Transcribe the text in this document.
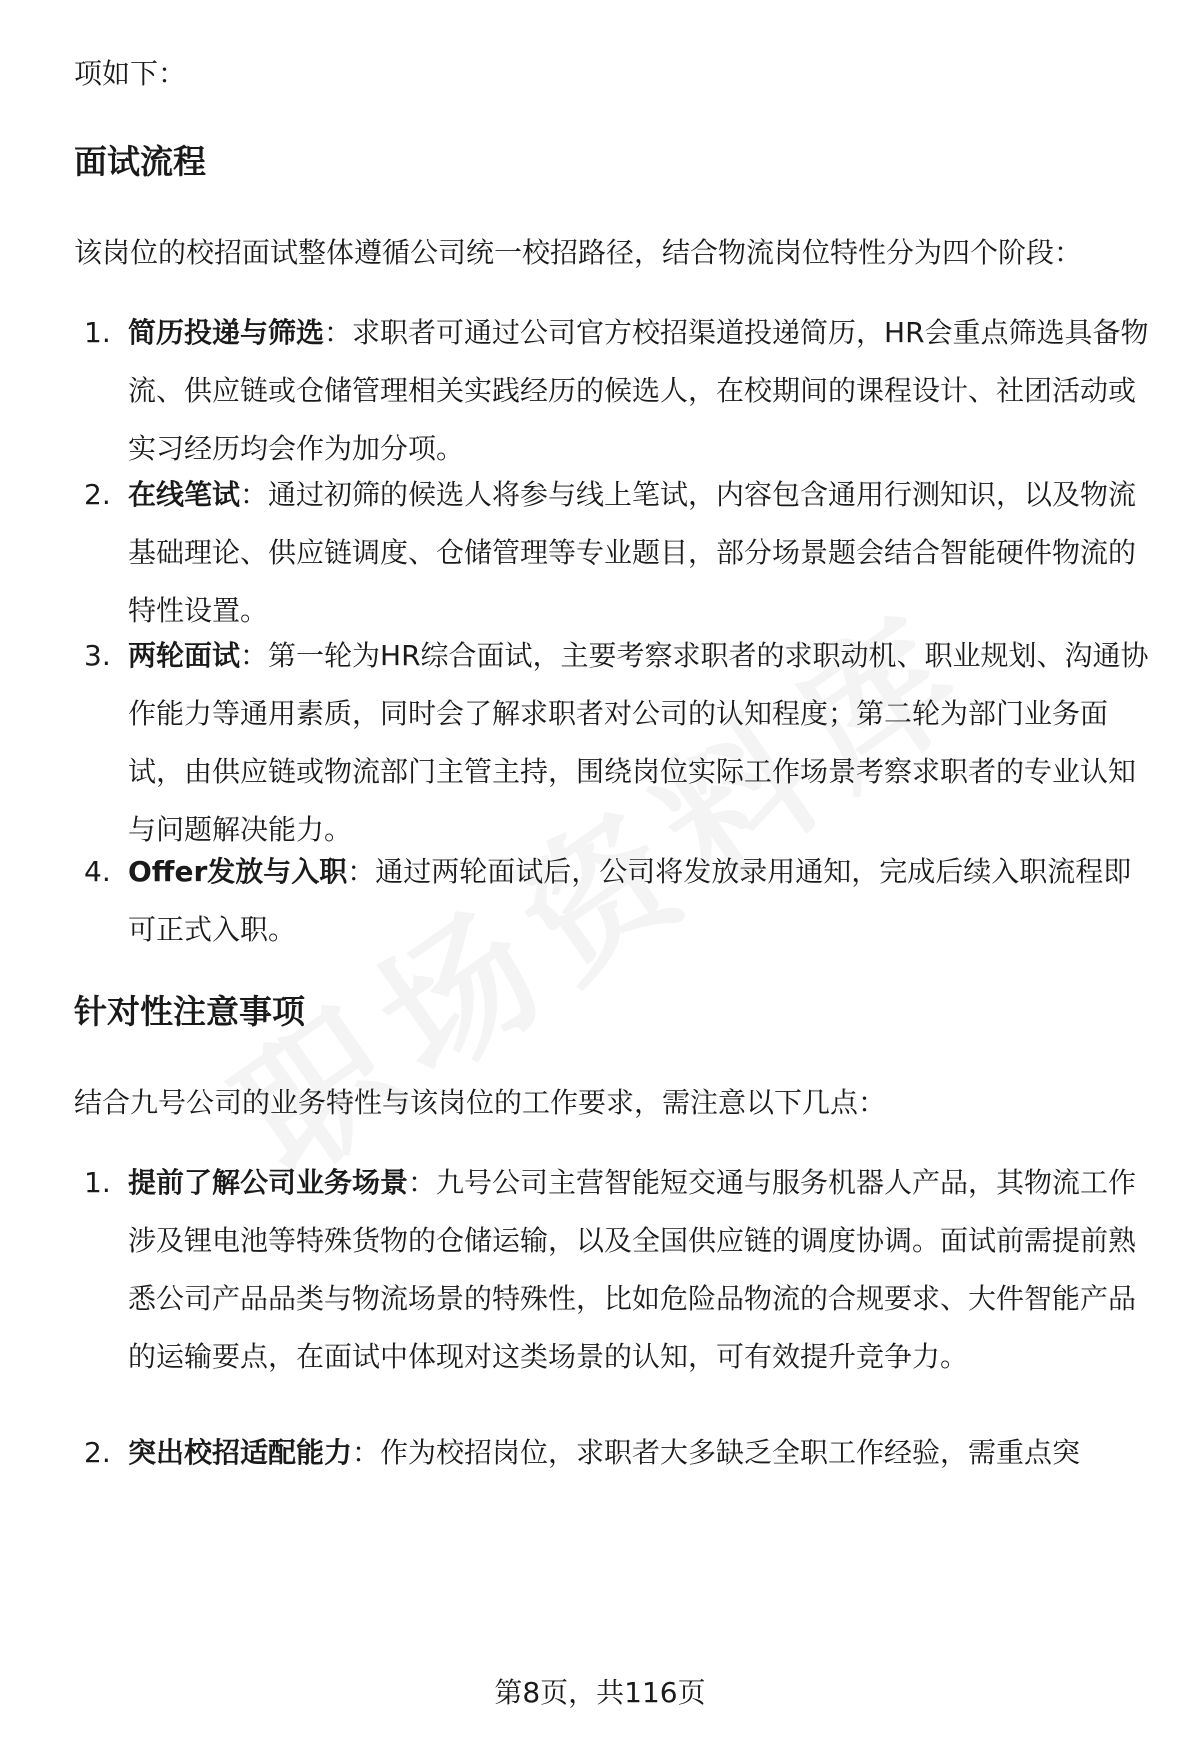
项如下：
面试流程
该岗位的校招面试整体遵循公司统一校招路径，结合物流岗位特性分为四个阶段：
1. 简历投递与筛选：求职者可通过公司官方校招渠道投递简历，HR会重点筛选具备物流、供应链或仓储管理相关实践经历的候选人，在校期间的课程设计、社团活动或实习经历均会作为加分项。
2. 在线笔试：通过初筛的候选人将参与线上笔试，内容包含通用行测知识，以及物流基础理论、供应链调度、仓储管理等专业题目，部分场景题会结合智能硬件物流的特性设置。
3. 两轮面试：第一轮为HR综合面试，主要考察求职者的求职动机、职业规划、沟通协作能力等通用素质，同时会了解求职者对公司的认知程度；第二轮为部门业务面试，由供应链或物流部门主管主持，围绕岗位实际工作场景考察求职者的专业认知与问题解决能力。
4. Offer发放与入职：通过两轮面试后，公司将发放录用通知，完成后续入职流程即可正式入职。
针对性注意事项
结合九号公司的业务特性与该岗位的工作要求，需注意以下几点：
1. 提前了解公司业务场景：九号公司主营智能短交通与服务机器人产品，其物流工作涉及锂电池等特殊货物的仓储运输，以及全国供应链的调度协调。面试前需提前熟悉公司产品品类与物流场景的特殊性，比如危险品物流的合规要求、大件智能产品的运输要点，在面试中体现对这类场景的认知，可有效提升竞争力。
2. 突出校招适配能力：作为校招岗位，求职者大多缺乏全职工作经验，需重点突
第8页，共116页
